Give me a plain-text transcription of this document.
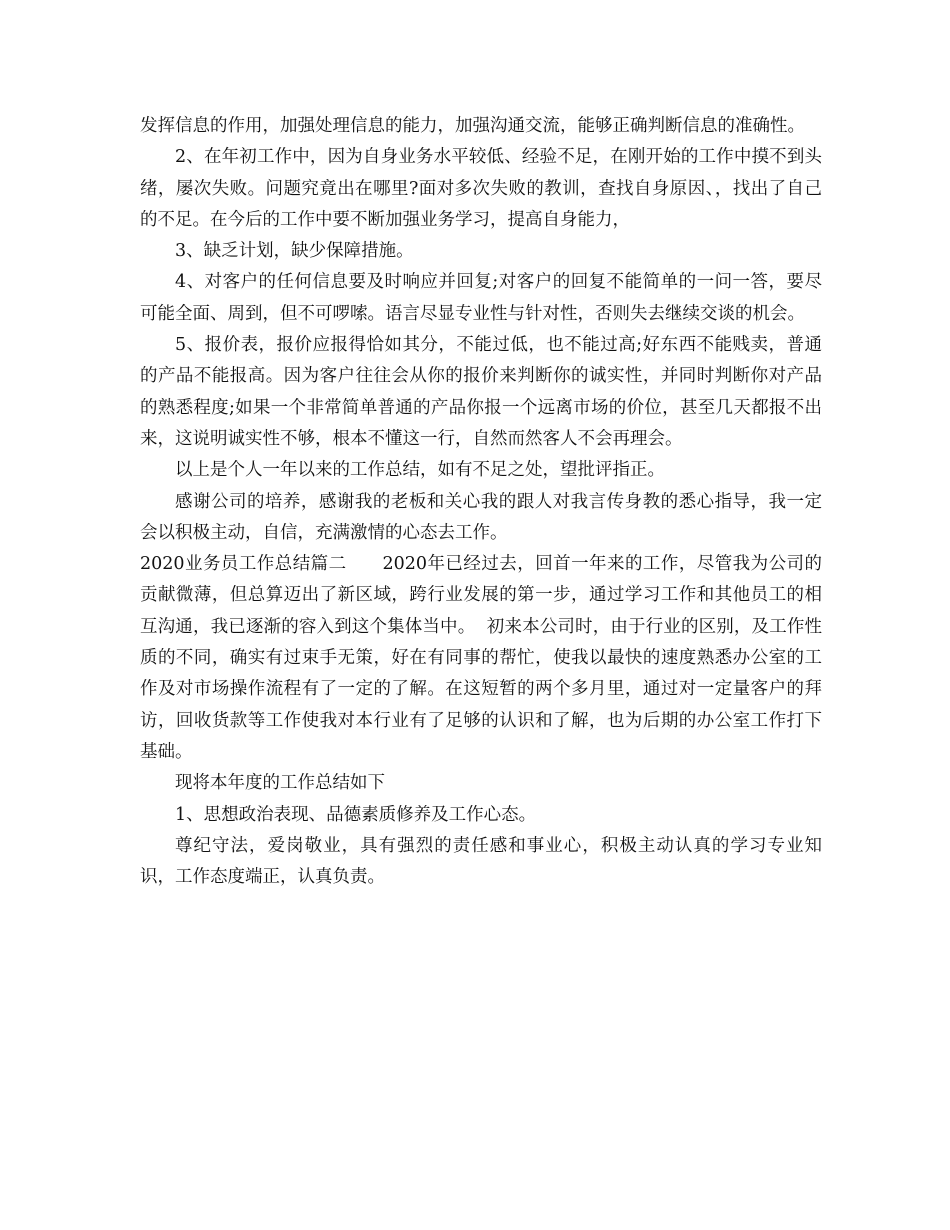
发挥信息的作用，加强处理信息的能力，加强沟通交流，能够正确判断信息的准确性。

2、在年初工作中，因为自身业务水平较低、经验不足，在刚开始的工作中摸不到头绪，屡次失败。问题究竟出在哪里?面对多次失败的教训，查找自身原因、，找出了自己的不足。在今后的工作中要不断加强业务学习，提高自身能力，

3、缺乏计划，缺少保障措施。

4、对客户的任何信息要及时响应并回复;对客户的回复不能简单的一问一答，要尽可能全面、周到，但不可啰嗦。语言尽显专业性与针对性，否则失去继续交谈的机会。

5、报价表，报价应报得恰如其分，不能过低，也不能过高;好东西不能贱卖，普通的产品不能报高。因为客户往往会从你的报价来判断你的诚实性，并同时判断你对产品的熟悉程度;如果一个非常简单普通的产品你报一个远离市场的价位，甚至几天都报不出来，这说明诚实性不够，根本不懂这一行，自然而然客人不会再理会。

以上是个人一年以来的工作总结，如有不足之处，望批评指正。

感谢公司的培养，感谢我的老板和关心我的跟人对我言传身教的悉心指导，我一定会以积极主动，自信，充满激情的心态去工作。

2020业务员工作总结篇二　　2020年已经过去，回首一年来的工作，尽管我为公司的贡献微薄，但总算迈出了新区域，跨行业发展的第一步，通过学习工作和其他员工的相互沟通，我已逐渐的容入到这个集体当中。  初来本公司时，由于行业的区别，及工作性质的不同，确实有过束手无策，好在有同事的帮忙，使我以最快的速度熟悉办公室的工作及对市场操作流程有了一定的了解。在这短暂的两个多月里，通过对一定量客户的拜访，回收货款等工作使我对本行业有了足够的认识和了解，也为后期的办公室工作打下基础。

现将本年度的工作总结如下

1、思想政治表现、品德素质修养及工作心态。

尊纪守法，爱岗敬业，具有强烈的责任感和事业心，积极主动认真的学习专业知识，工作态度端正，认真负责。
